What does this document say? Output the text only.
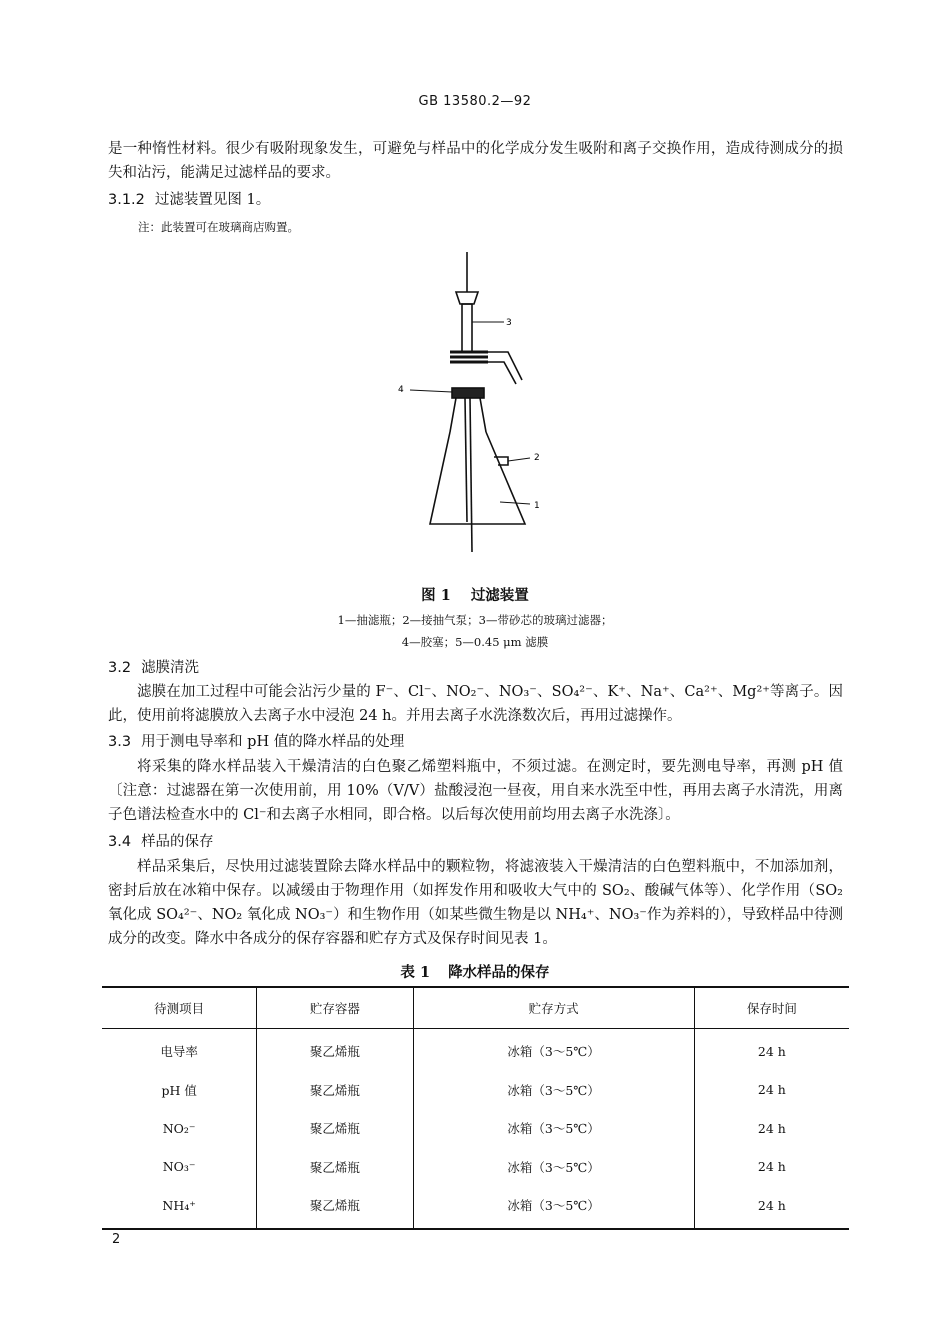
GB 13580.2—92
是一种惰性材料。很少有吸附现象发生，可避免与样品中的化学成分发生吸附和离子交换作用，造成待测成分的损失和沾污，能满足过滤样品的要求。
3.1.2 过滤装置见图 1。
注：此装置可在玻璃商店购置。
3
4
2
1
图 1 过滤装置
1—抽滤瓶；2—接抽气泵；3—带砂芯的玻璃过滤器；
4—胶塞；5—0.45 μm 滤膜
3.2 滤膜清洗
滤膜在加工过程中可能会沾污少量的 F⁻、Cl⁻、NO₂⁻、NO₃⁻、SO₄²⁻、K⁺、Na⁺、Ca²⁺、Mg²⁺等离子。因此，使用前将滤膜放入去离子水中浸泡 24 h。并用去离子水洗涤数次后，再用过滤操作。
3.3 用于测电导率和 pH 值的降水样品的处理
将采集的降水样品装入干燥清洁的白色聚乙烯塑料瓶中，不须过滤。在测定时，要先测电导率，再测 pH 值〔注意：过滤器在第一次使用前，用 10%（V/V）盐酸浸泡一昼夜，用自来水洗至中性，再用去离子水清洗，用离子色谱法检查水中的 Cl⁻和去离子水相同，即合格。以后每次使用前均用去离子水洗涤〕。
3.4 样品的保存
样品采集后，尽快用过滤装置除去降水样品中的颗粒物，将滤液装入干燥清洁的白色塑料瓶中，不加添加剂，密封后放在冰箱中保存。以减缓由于物理作用（如挥发作用和吸收大气中的 SO₂、酸碱气体等）、化学作用（SO₂ 氧化成 SO₄²⁻、NO₂ 氧化成 NO₃⁻）和生物作用（如某些微生物是以 NH₄⁺、NO₃⁻作为养料的），导致样品中待测成分的改变。降水中各成分的保存容器和贮存方式及保存时间见表 1。
表 1 降水样品的保存
待测项目	贮存容器	贮存方式	保存时间
电导率	聚乙烯瓶	冰箱（3～5℃）	24 h
pH 值	聚乙烯瓶	冰箱（3～5℃）	24 h
NO₂⁻	聚乙烯瓶	冰箱（3～5℃）	24 h
NO₃⁻	聚乙烯瓶	冰箱（3～5℃）	24 h
NH₄⁺	聚乙烯瓶	冰箱（3～5℃）	24 h
2
